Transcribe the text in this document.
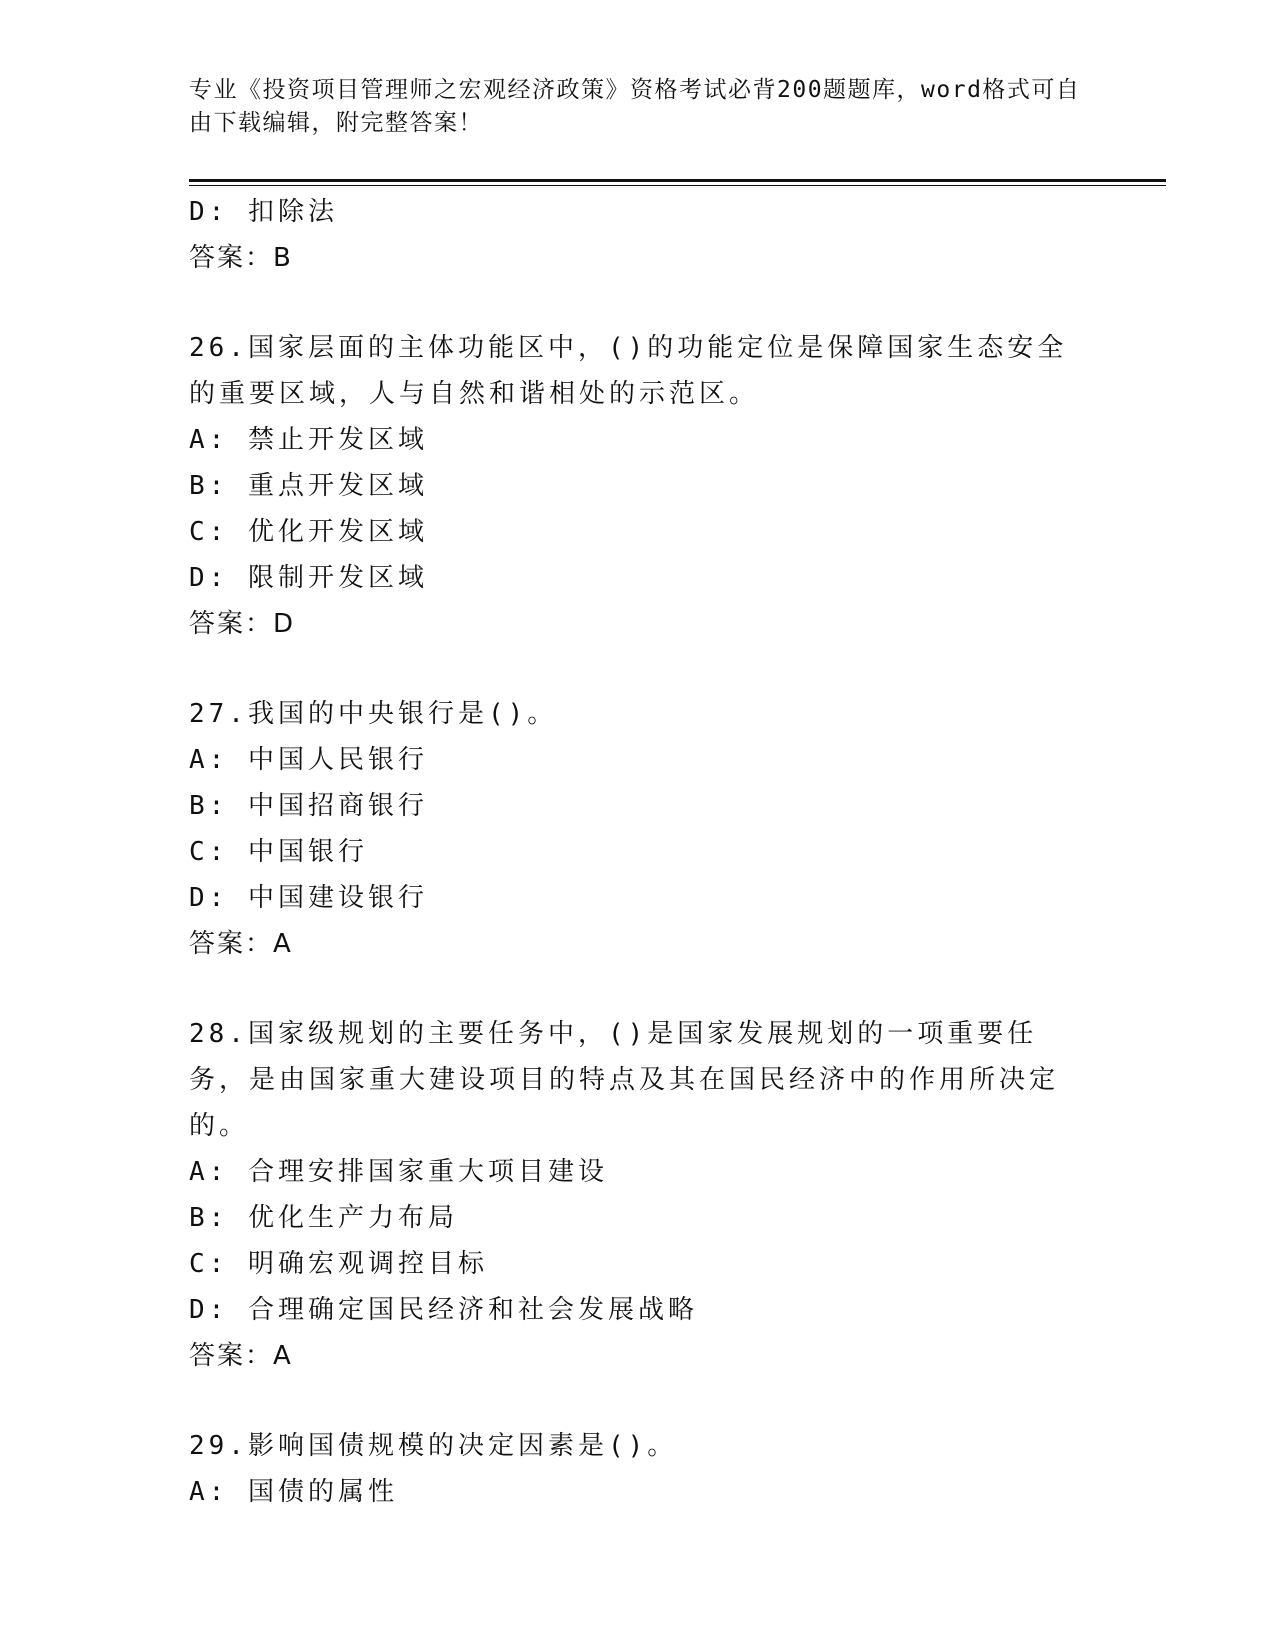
专业《投资项目管理师之宏观经济政策》资格考试必背200题题库，word格式可自由下载编辑，附完整答案！
D: 扣除法
答案：B
26.国家层面的主体功能区中，()的功能定位是保障国家生态安全的重要区域，人与自然和谐相处的示范区。
A: 禁止开发区域
B: 重点开发区域
C: 优化开发区域
D: 限制开发区域
答案：D
27.我国的中央银行是()。
A: 中国人民银行
B: 中国招商银行
C: 中国银行
D: 中国建设银行
答案：A
28.国家级规划的主要任务中，()是国家发展规划的一项重要任务，是由国家重大建设项目的特点及其在国民经济中的作用所决定的。
A: 合理安排国家重大项目建设
B: 优化生产力布局
C: 明确宏观调控目标
D: 合理确定国民经济和社会发展战略
答案：A
29.影响国债规模的决定因素是()。
A: 国债的属性
